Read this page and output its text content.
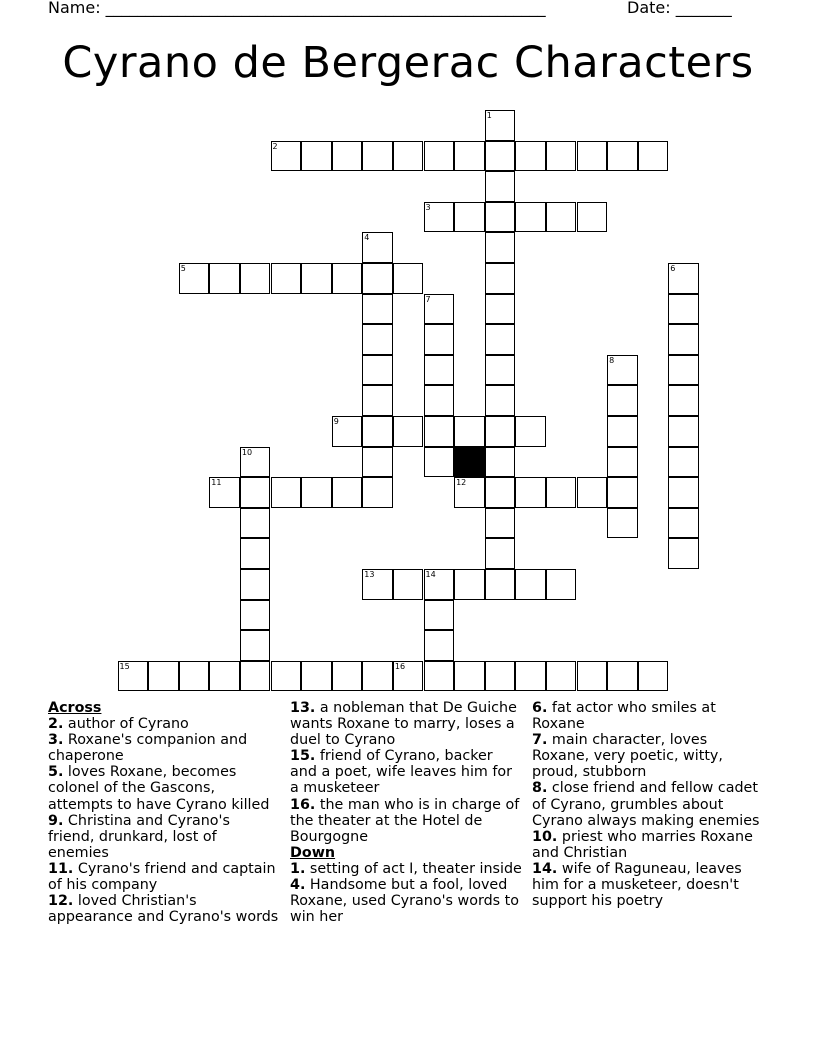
Name: _______________________________________________________	Date: _______
Cyrano de Bergerac Characters
1
2
3
4
5	6
7
8
9
10
11	12
13	14
15	16

Across

2. author of Cyrano

3. Roxane's companion and chaperone

5. loves Roxane, becomes colonel of the Gascons, attempts to have Cyrano killed

9. Christina and Cyrano's friend, drunkard, lost of enemies

11. Cyrano's friend and captain of his company

12. loved Christian's appearance and Cyrano's words

13. a nobleman that De Guiche wants Roxane to marry, loses a duel to Cyrano

15. friend of Cyrano, backer and a poet, wife leaves him for a musketeer

16. the man who is in charge of the theater at the Hotel de Bourgogne

Down

1. setting of act I, theater inside

4. Handsome but a fool, loved Roxane, used Cyrano's words to win her

6. fat actor who smiles at Roxane

7. main character, loves Roxane, very poetic, witty, proud, stubborn

8. close friend and fellow cadet of Cyrano, grumbles about Cyrano always making enemies

10. priest who marries Roxane and Christian

14. wife of Raguneau, leaves him for a musketeer, doesn't support his poetry
